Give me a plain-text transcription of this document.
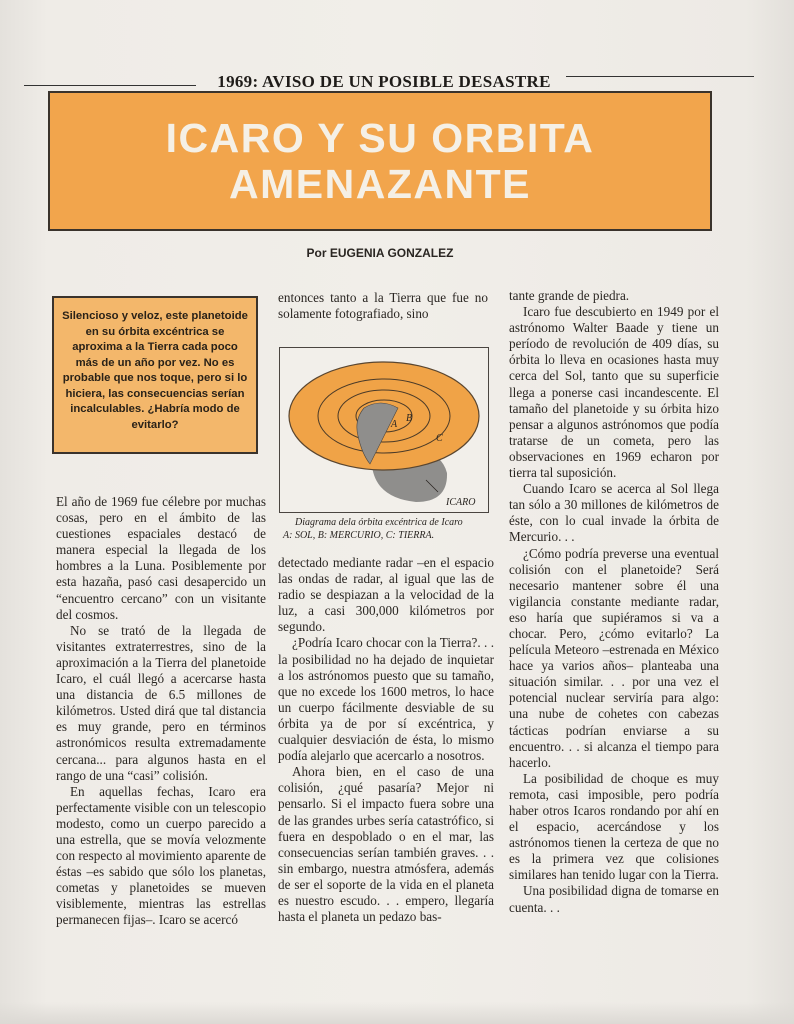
1969: AVISO DE UN POSIBLE DESASTRE
ICARO Y SU ORBITA
AMENAZANTE
Por EUGENIA GONZALEZ
Silencioso y veloz, este planetoide en su órbita excéntrica se aproxima a la Tierra cada poco más de un año por vez. No es probable que nos toque, pero si lo hiciera, las consecuencias serían incalculables. ¿Habría modo de evitarlo?

El año de 1969 fue célebre por muchas cosas, pero en el ámbito de las cuestiones espaciales destacó de manera especial la llegada de los hombres a la Luna. Posiblemente por esta hazaña, pasó casi desapercido un “encuentro cercano” con un visitante del cosmos.

No se trató de la llegada de visitantes extraterrestres, sino de la aproximación a la Tierra del planetoide Icaro, el cuál llegó a acercarse hasta una distancia de 6.5 millones de kilómetros. Usted dirá que tal distancia es muy grande, pero en términos astronómicos resulta extremadamente cercana... para algunos hasta en el rango de una “casi” colisión.

En aquellas fechas, Icaro era perfectamente visible con un telescopio modesto, como un cuerpo parecido a una estrella, que se movía velozmente con respecto al movimiento aparente de éstas –es sabido que sólo los planetas, cometas y planetoides se mueven visiblemente, mientras las estrellas permanecen fijas–. Icaro se acercó

entonces tanto a la Tierra que fue no solamente fotografiado, sino

A
B
C
ICARO
Diagrama dela órbita excéntrica de Icaro
A: SOL, B: MERCURIO, C: TIERRA.

detectado mediante radar –en el espacio las ondas de radar, al igual que las de radio se despiazan a la velocidad de la luz, a casi 300,000 kilómetros por segundo.

¿Podría Icaro chocar con la Tierra?. . . la posibilidad no ha dejado de inquietar a los astrónomos puesto que su tamaño, que no excede los 1600 metros, lo hace un cuerpo fácilmente desviable de su órbita ya de por sí excéntrica, y cualquier desviación de ésta, lo mismo podía alejarlo que acercarlo a nosotros.

Ahora bien, en el caso de una colisión, ¿qué pasaría? Mejor ni pensarlo. Si el impacto fuera sobre una de las grandes urbes sería catastrófico, si fuera en despoblado o en el mar, las consecuencias serían también graves. . . sin embargo, nuestra atmósfera, además de ser el soporte de la vida en el planeta es nuestro escudo. . . empero, llegaría hasta el planeta un pedazo bas-

tante grande de piedra.

Icaro fue descubierto en 1949 por el astrónomo Walter Baade y tiene un período de revolución de 409 días, su órbita lo lleva en ocasiones hasta muy cerca del Sol, tanto que su superficie llega a ponerse casi incandescente. El tamaño del planetoide y su órbita hizo pensar a algunos astrónomos que podía tratarse de un cometa, pero las observaciones en 1969 echaron por tierra tal suposición.

Cuando Icaro se acerca al Sol llega tan sólo a 30 millones de kilómetros de éste, con lo cual invade la órbita de Mercurio. . .

¿Cómo podría preverse una eventual colisión con el planetoide? Será necesario mantener sobre él una vigilancia constante mediante radar, eso haría que supiéramos si va a chocar. Pero, ¿cómo evitarlo? La película Meteoro –estrenada en México hace ya varios años– planteaba una situación similar. . . por una vez el potencial nuclear serviría para algo: una nube de cohetes con cabezas tácticas podrían enviarse a su encuentro. . . si alcanza el tiempo para hacerlo.

La posibilidad de choque es muy remota, casi imposible, pero podría haber otros Icaros rondando por ahí en el espacio, acercándose y los astrónomos tienen la certeza de que no es la primera vez que colisiones similares han tenido lugar con la Tierra.

Una posibilidad digna de tomarse en cuenta. . .
